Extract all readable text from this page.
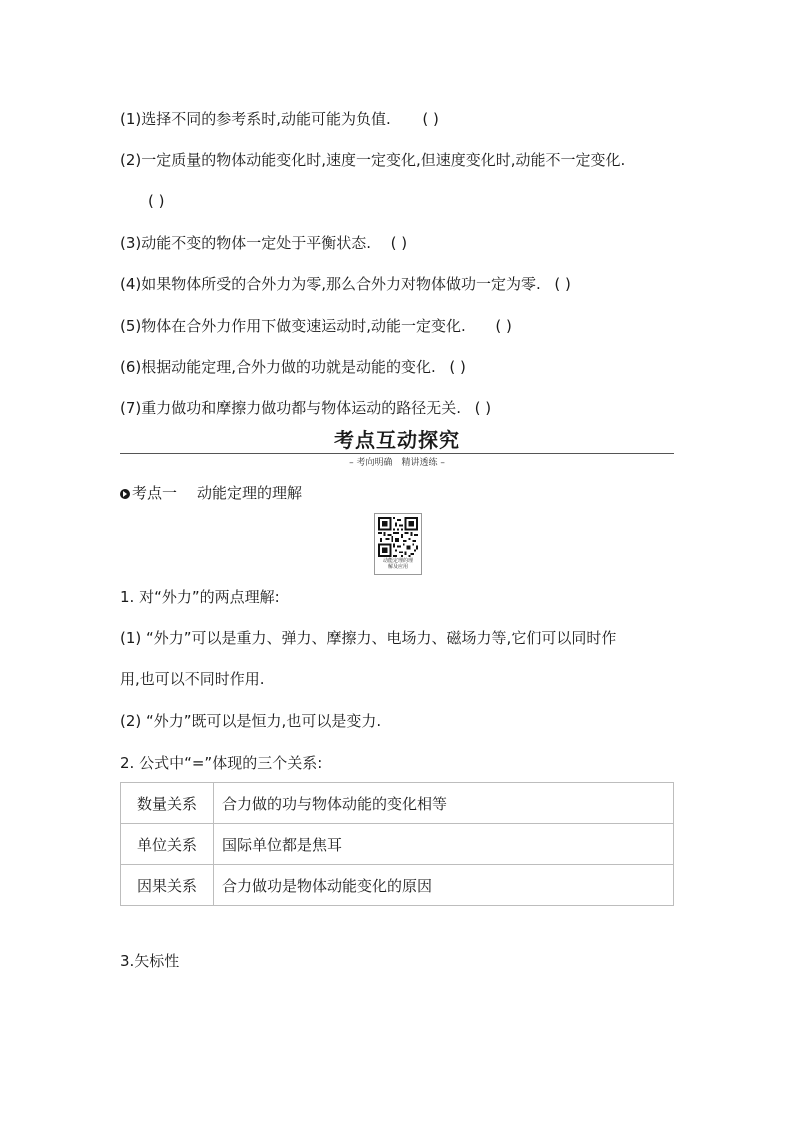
(1)选择不同的参考系时,动能可能为负值. ( )
(2)一定质量的物体动能变化时,速度一定变化,但速度变化时,动能不一定变化.
( )
(3)动能不变的物体一定处于平衡状态. ( )
(4)如果物体所受的合外力为零,那么合外力对物体做功一定为零. ( )
(5)物体在合外力作用下做变速运动时,动能一定变化. ( )
(6)根据动能定理,合外力做的功就是动能的变化. ( )
(7)重力做功和摩擦力做功都与物体运动的路径无关. ( )
考点互动探究
– 考向明确　精讲透练 –
考点一 动能定理的理解
动能定理的理
解及应用
1. 对“外力”的两点理解:
(1) “外力”可以是重力、弹力、摩擦力、电场力、磁场力等,它们可以同时作
用,也可以不同时作用.
(2) “外力”既可以是恒力,也可以是变力.
2. 公式中“=”体现的三个关系:
数量关系	合力做的功与物体动能的变化相等
单位关系	国际单位都是焦耳
因果关系	合力做功是物体动能变化的原因
3.矢标性
